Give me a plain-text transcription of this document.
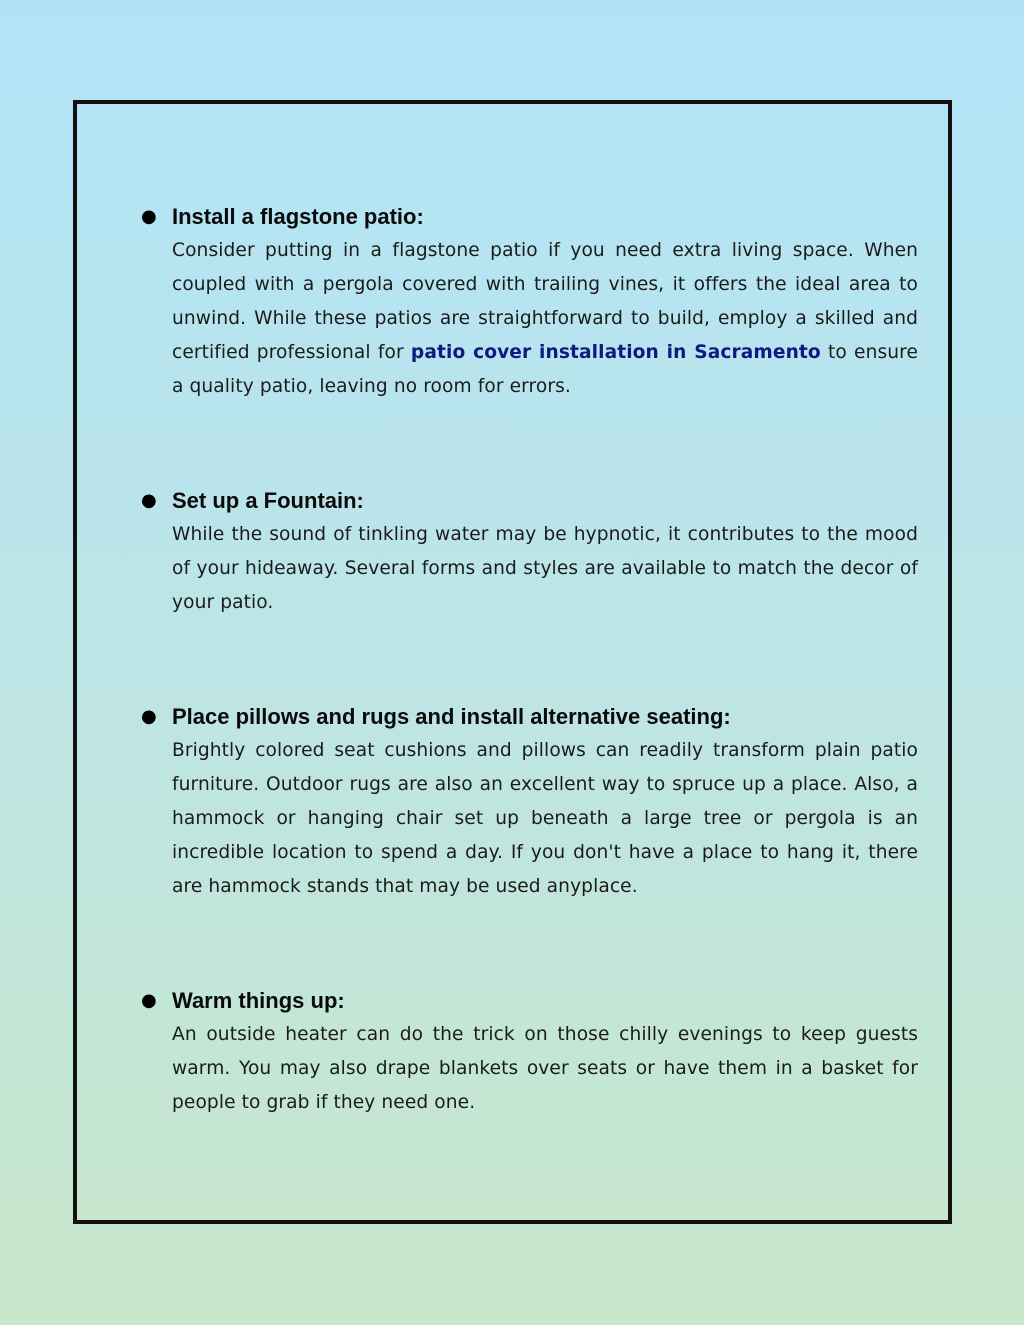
● Install a flagstone patio:

Consider putting in a flagstone patio if you need extra living space. When coupled with a pergola covered with trailing vines, it offers the ideal area to unwind. While these patios are straightforward to build, employ a skilled and certified professional for patio cover installation in Sacramento to ensure a quality patio, leaving no room for errors.

● Set up a Fountain:

While the sound of tinkling water may be hypnotic, it contributes to the mood of your hideaway. Several forms and styles are available to match the decor of your patio.

● Place pillows and rugs and install alternative seating:

Brightly colored seat cushions and pillows can readily transform plain patio furniture. Outdoor rugs are also an excellent way to spruce up a place. Also, a hammock or hanging chair set up beneath a large tree or pergola is an incredible location to spend a day. If you don't have a place to hang it, there are hammock stands that may be used anyplace.

● Warm things up:

An outside heater can do the trick on those chilly evenings to keep guests warm. You may also drape blankets over seats or have them in a basket for people to grab if they need one.
